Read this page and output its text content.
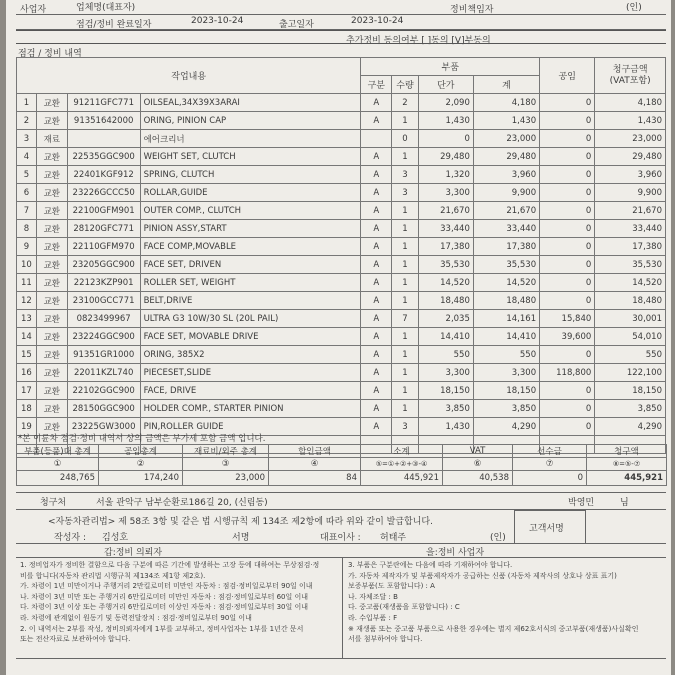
사업자	업체명(대표자)	정비책임자	(인)
점검/정비 완료일자	2023-10-24	출고일자	2023-10-24
추가정비 동의여부 [ ]동의 [V]부동의
점검 / 정비 내역
작업내용				부품				공임	청구금액
(VAT포함)
				구분	수량	단가	계		
1	교환	91211GFC771	OILSEAL,34X39X3ARAI	A	2	2,090	4,180	0	4,180
2	교환	91351642000	ORING, PINION CAP	A	1	1,430	1,430	0	1,430
3	재료		에어크리너		0	0	23,000	0	23,000
4	교환	22535GGC900	WEIGHT SET, CLUTCH	A	1	29,480	29,480	0	29,480
5	교환	22401KGF912	SPRING, CLUTCH	A	3	1,320	3,960	0	3,960
6	교환	23226GCCC50	ROLLAR,GUIDE	A	3	3,300	9,900	0	9,900
7	교환	22100GFM901	OUTER COMP., CLUTCH	A	1	21,670	21,670	0	21,670
8	교환	28120GFC771	PINION ASSY,START	A	1	33,440	33,440	0	33,440
9	교환	22110GFM970	FACE COMP,MOVABLE	A	1	17,380	17,380	0	17,380
10	교환	23205GGC900	FACE SET, DRIVEN	A	1	35,530	35,530	0	35,530
11	교환	22123KZP901	ROLLER SET, WEIGHT	A	1	14,520	14,520	0	14,520
12	교환	23100GCC771	BELT,DRIVE	A	1	18,480	18,480	0	18,480
13	교환	0823499967	ULTRA G3 10W/30 SL (20L PAIL)	A	7	2,035	14,161	15,840	30,001
14	교환	23224GGC900	FACE SET, MOVABLE DRIVE	A	1	14,410	14,410	39,600	54,010
15	교환	91351GR1000	ORING, 385X2	A	1	550	550	0	550
16	교환	22011KZL740	PIECESET,SLIDE	A	1	3,300	3,300	118,800	122,100
17	교환	22102GGC900	FACE, DRIVE	A	1	18,150	18,150	0	18,150
18	교환	28150GGC900	HOLDER COMP., STARTER PINION	A	1	3,850	3,850	0	3,850
19	교환	23225GW3000	PIN,ROLLER GUIDE	A	3	1,430	4,290	0	4,290

*본 이륜차 점검·정비 내역서 상의 금액은 부가세 포함 금액 입니다.
부품(등품)대 총계	공임총계	재료비/외주 총계	할인금액	소계	VAT	선수금	청구액
①	②	③	④	⑤=①+②+③-④	⑥	⑦	⑧=⑤-⑦
248,765	174,240	23,000	84	445,921	40,538	0	445,921
청구처	서울 관악구 남부순환로186길 20, (신림동)	박영민	님
<자동차관리법> 제 58조 3항 및 같은 법 시행규칙 제 134조 제2항에 따라 위와 같이 발급합니다.
작성자 : 김성호	서명	대표이사 : 허태주	(인)
고객서명
갑:정비 의뢰자	을:정비 사업자
1. 정비업자가 정비한 결함으로 다음 구분에 따른 기간에 발생하는 고장 등에 대하여는 무상점검·정
비를 합니다(자동차 관리법 시행규칙 제134조 제1항 제2호).
가. 차령이 1년 미만이거나 주행거리 2만킬로미터 미만인 자동차 : 점검·정비일로부터 90일 이내
나. 차령이 3년 미만 또는 주행거리 6만킬로미터 미만인 자동차 : 점검·정비일로부터 60일 이내
다. 차령이 3년 이상 또는 주행거리 6만킬로미터 이상인 자동차 : 점검·정비일로부터 30일 이내
라. 차령에 관계없이 원동기 및 동력전달장치 : 점검·정비일로부터 90일 이내
2. 이 내역서는 2부를 작성, 정비의뢰자에게 1부를 교부하고, 정비사업자는 1부를 1년간 문서
또는 전산자료로 보관하여야 합니다.
3. 부품은 구분란에는 다음에 따라 기재하여야 합니다.
가. 자동차 제작자가 및 부품제작자가 공급하는 신품 (자동차 제작사의 상호나 상표 표기)
보증부품(도 포함합니다) : A
나. 자체조달 : B
다. 중고품(재생품을 포함합니다) : C
라. 수입부품 : F
※ 재생품 또는 중고품 부품으로 사용한 경우에는 별지 제62호서식의 중고부품(재생품)사실확인
서를 첨부하여야 합니다.
